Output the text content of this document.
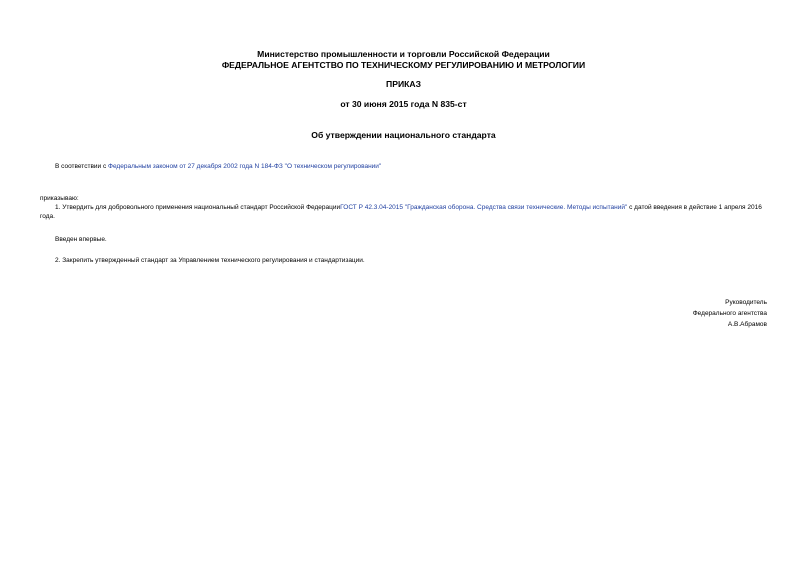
Министерство промышленности и торговли Российской Федерации
ФЕДЕРАЛЬНОЕ АГЕНТСТВО ПО ТЕХНИЧЕСКОМУ РЕГУЛИРОВАНИЮ И МЕТРОЛОГИИ
ПРИКАЗ
от 30 июня 2015 года N 835-ст
Об утверждении национального стандарта
В соответствии с Федеральным законом от 27 декабря 2002 года N 184-ФЗ "О техническом регулировании"
приказываю:
1. Утвердить для добровольного применения национальный стандарт Российской ФедерацииГОСТ Р 42.3.04-2015 "Гражданская оборона. Средства связи технические. Методы испытаний" с датой введения в действие 1 апреля 2016 года.
Введен впервые.
2. Закрепить утвержденный стандарт за Управлением технического регулирования и стандартизации.
Руководитель
Федерального агентства
А.В.Абрамов
